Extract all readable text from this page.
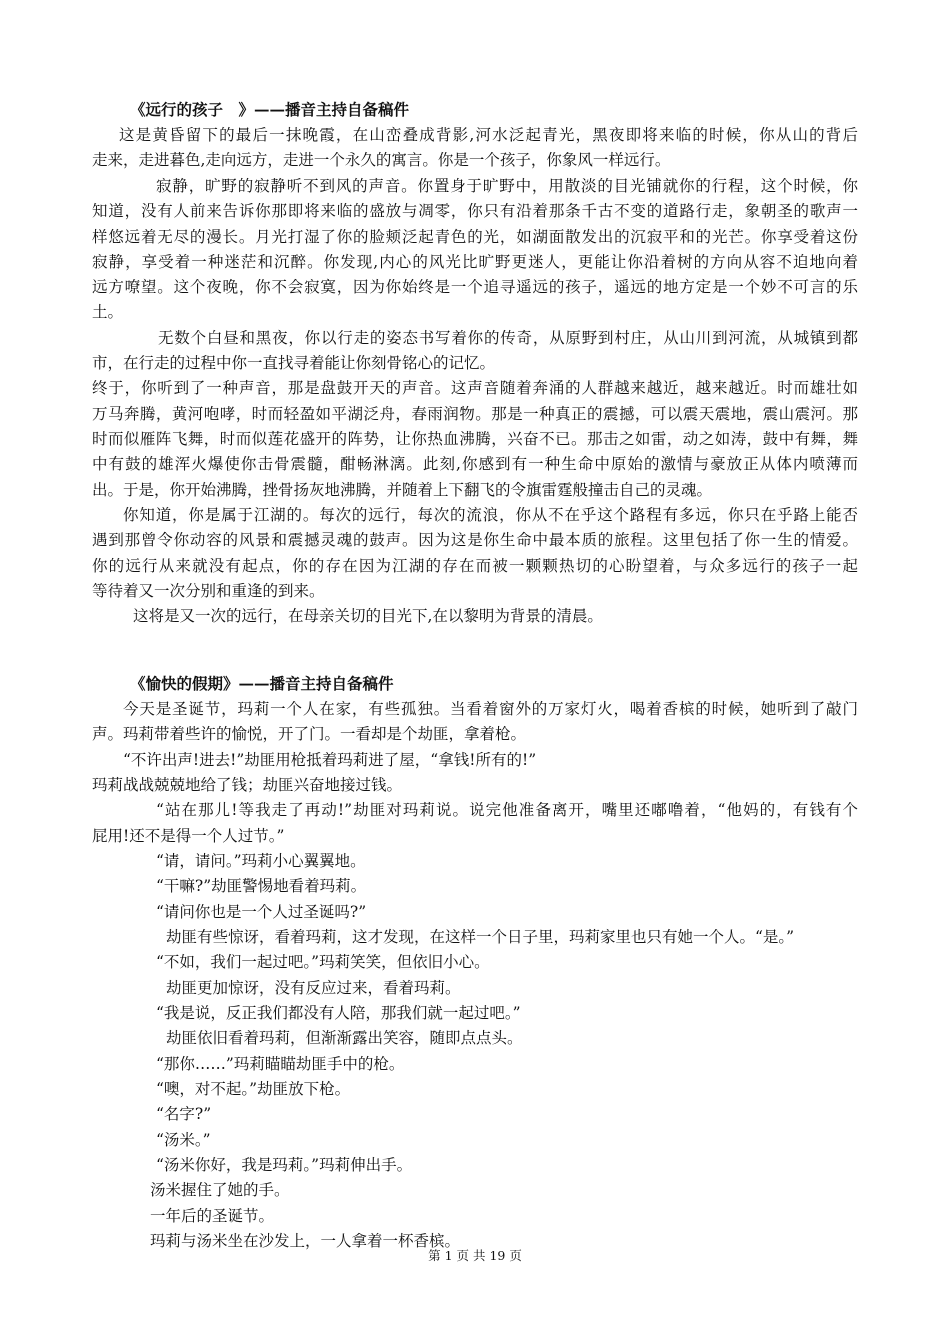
《远行的孩子　》——播音主持自备稿件
这是黄昏留下的最后一抹晚霞，在山峦叠成背影,河水泛起青光，黑夜即将来临的时候，你从山的背后
走来，走进暮色,走向远方，走进一个永久的寓言。你是一个孩子，你象风一样远行。
寂静，旷野的寂静听不到风的声音。你置身于旷野中，用散淡的目光铺就你的行程，这个时候，你
知道，没有人前来告诉你那即将来临的盛放与凋零，你只有沿着那条千古不变的道路行走，象朝圣的歌声一
样悠远着无尽的漫长。月光打湿了你的脸颊泛起青色的光，如湖面散发出的沉寂平和的光芒。你享受着这份
寂静，享受着一种迷茫和沉醉。你发现,内心的风光比旷野更迷人，更能让你沿着树的方向从容不迫地向着
远方嘹望。这个夜晚，你不会寂寞，因为你始终是一个追寻遥远的孩子，遥远的地方定是一个妙不可言的乐
土。
无数个白昼和黑夜，你以行走的姿态书写着你的传奇，从原野到村庄，从山川到河流，从城镇到都
市，在行走的过程中你一直找寻着能让你刻骨铭心的记忆。
终于，你听到了一种声音，那是盘鼓开天的声音。这声音随着奔涌的人群越来越近，越来越近。时而雄壮如
万马奔腾，黄河咆哮，时而轻盈如平湖泛舟，春雨润物。那是一种真正的震撼，可以震天震地，震山震河。那
时而似雁阵飞舞，时而似莲花盛开的阵势，让你热血沸腾，兴奋不已。那击之如雷，动之如涛，鼓中有舞，舞
中有鼓的雄浑火爆使你击骨震髓，酣畅淋漓。此刻,你感到有一种生命中原始的激情与豪放正从体内喷薄而
出。于是，你开始沸腾，挫骨扬灰地沸腾，并随着上下翻飞的令旗雷霆般撞击自己的灵魂。
你知道，你是属于江湖的。每次的远行，每次的流浪，你从不在乎这个路程有多远，你只在乎路上能否
遇到那曾令你动容的风景和震撼灵魂的鼓声。因为这是你生命中最本质的旅程。这里包括了你一生的情爱。
你的远行从来就没有起点，你的存在因为江湖的存在而被一颗颗热切的心盼望着，与众多远行的孩子一起
等待着又一次分别和重逢的到来。
这将是又一次的远行，在母亲关切的目光下,在以黎明为背景的清晨。
《愉快的假期》——播音主持自备稿件
今天是圣诞节，玛莉一个人在家，有些孤独。当看着窗外的万家灯火，喝着香槟的时候，她听到了敲门
声。玛莉带着些许的愉悦，开了门。一看却是个劫匪，拿着枪。
“不许出声!进去!”劫匪用枪抵着玛莉进了屋，“拿钱!所有的!”
玛莉战战兢兢地给了钱；劫匪兴奋地接过钱。
“站在那儿!等我走了再动!”劫匪对玛莉说。说完他准备离开，嘴里还嘟噜着，“他妈的，有钱有个
屁用!还不是得一个人过节。”
“请，请问。”玛莉小心翼翼地。
“干嘛?”劫匪警惕地看着玛莉。
“请问你也是一个人过圣诞吗?”
劫匪有些惊讶，看着玛莉，这才发现，在这样一个日子里，玛莉家里也只有她一个人。“是。”
“不如，我们一起过吧。”玛莉笑笑，但依旧小心。
劫匪更加惊讶，没有反应过来，看着玛莉。
“我是说，反正我们都没有人陪，那我们就一起过吧。”
劫匪依旧看着玛莉，但渐渐露出笑容，随即点点头。
“那你……”玛莉瞄瞄劫匪手中的枪。
“噢，对不起。”劫匪放下枪。
“名字?”
“汤米。”
“汤米你好，我是玛莉。”玛莉伸出手。
汤米握住了她的手。
一年后的圣诞节。
玛莉与汤米坐在沙发上，一人拿着一杯香槟。
第 1 页 共 19 页
